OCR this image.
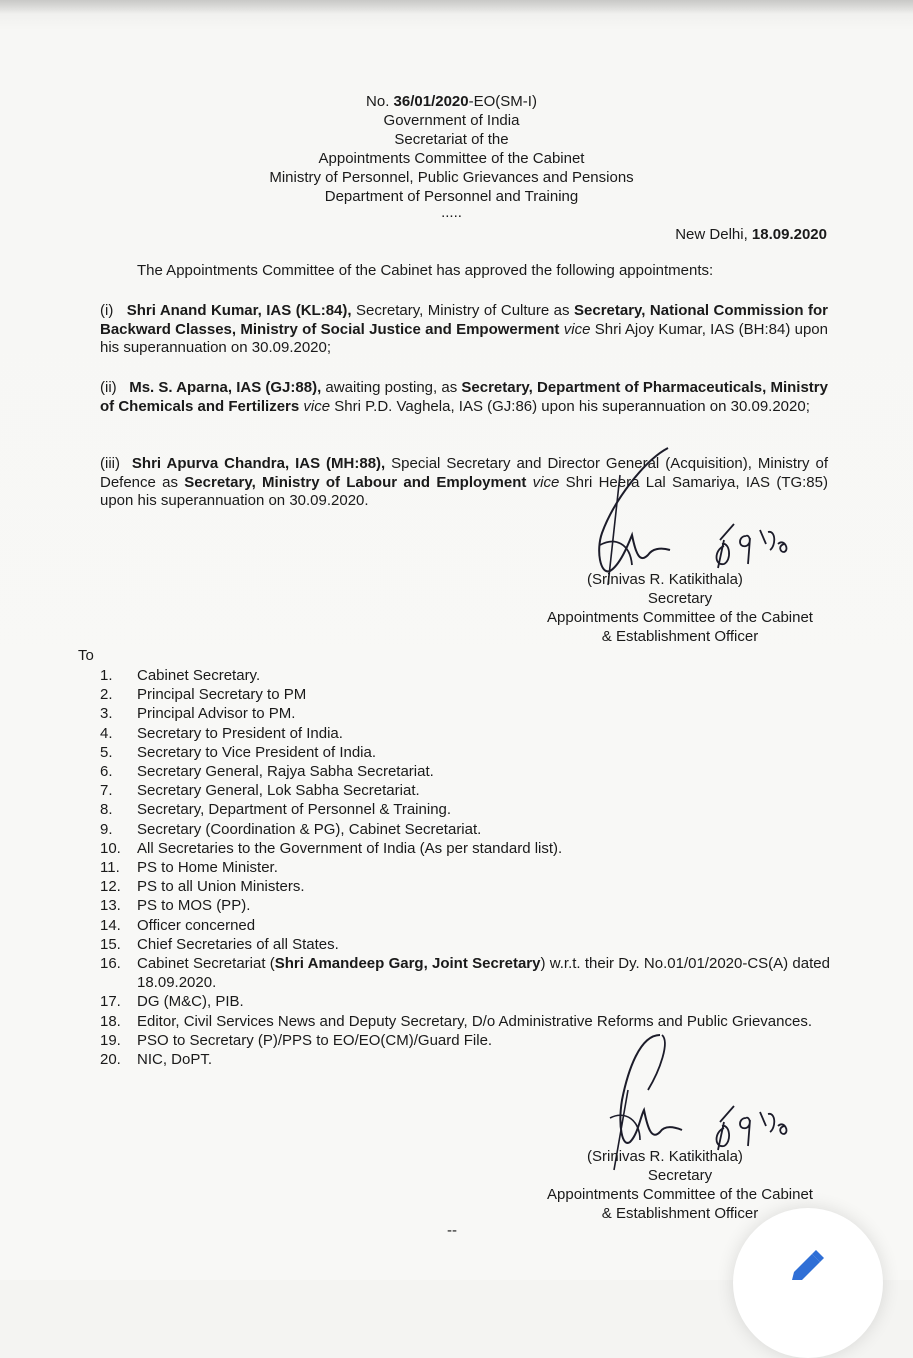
No. 36/01/2020-EO(SM-I)
Government of India
Secretariat of the
Appointments Committee of the Cabinet
Ministry of Personnel, Public Grievances and Pensions
Department of Personnel and Training
.....
New Delhi, 18.09.2020
The Appointments Committee of the Cabinet has approved the following appointments:
(i) Shri Anand Kumar, IAS (KL:84), Secretary, Ministry of Culture as Secretary, National Commission for Backward Classes, Ministry of Social Justice and Empowerment vice Shri Ajoy Kumar, IAS (BH:84) upon his superannuation on 30.09.2020;
(ii) Ms. S. Aparna, IAS (GJ:88), awaiting posting, as Secretary, Department of Pharmaceuticals, Ministry of Chemicals and Fertilizers vice Shri P.D. Vaghela, IAS (GJ:86) upon his superannuation on 30.09.2020;
(iii) Shri Apurva Chandra, IAS (MH:88), Special Secretary and Director General (Acquisition), Ministry of Defence as Secretary, Ministry of Labour and Employment vice Shri Heera Lal Samariya, IAS (TG:85) upon his superannuation on 30.09.2020.
(Srinivas R. Katikithala)
Secretary
Appointments Committee of the Cabinet
& Establishment Officer
To
1.	Cabinet Secretary.
2.	Principal Secretary to PM
3.	Principal Advisor to PM.
4.	Secretary to President of India.
5.	Secretary to Vice President of India.
6.	Secretary General, Rajya Sabha Secretariat.
7.	Secretary General, Lok Sabha Secretariat.
8.	Secretary, Department of Personnel & Training.
9.	Secretary (Coordination & PG), Cabinet Secretariat.
10.	All Secretaries to the Government of India (As per standard list).
11.	PS to Home Minister.
12.	PS to all Union Ministers.
13.	PS to MOS (PP).
14.	Officer concerned
15.	Chief Secretaries of all States.
16.	Cabinet Secretariat (Shri Amandeep Garg, Joint Secretary) w.r.t. their Dy. No.01/01/2020-CS(A) dated 18.09.2020.
17.	DG (M&C), PIB.
18.	Editor, Civil Services News and Deputy Secretary, D/o Administrative Reforms and Public Grievances.
19.	PSO to Secretary (P)/PPS to EO/EO(CM)/Guard File.
20.	NIC, DoPT.
(Srinivas R. Katikithala)
Secretary
Appointments Committee of the Cabinet
& Establishment Officer
--
